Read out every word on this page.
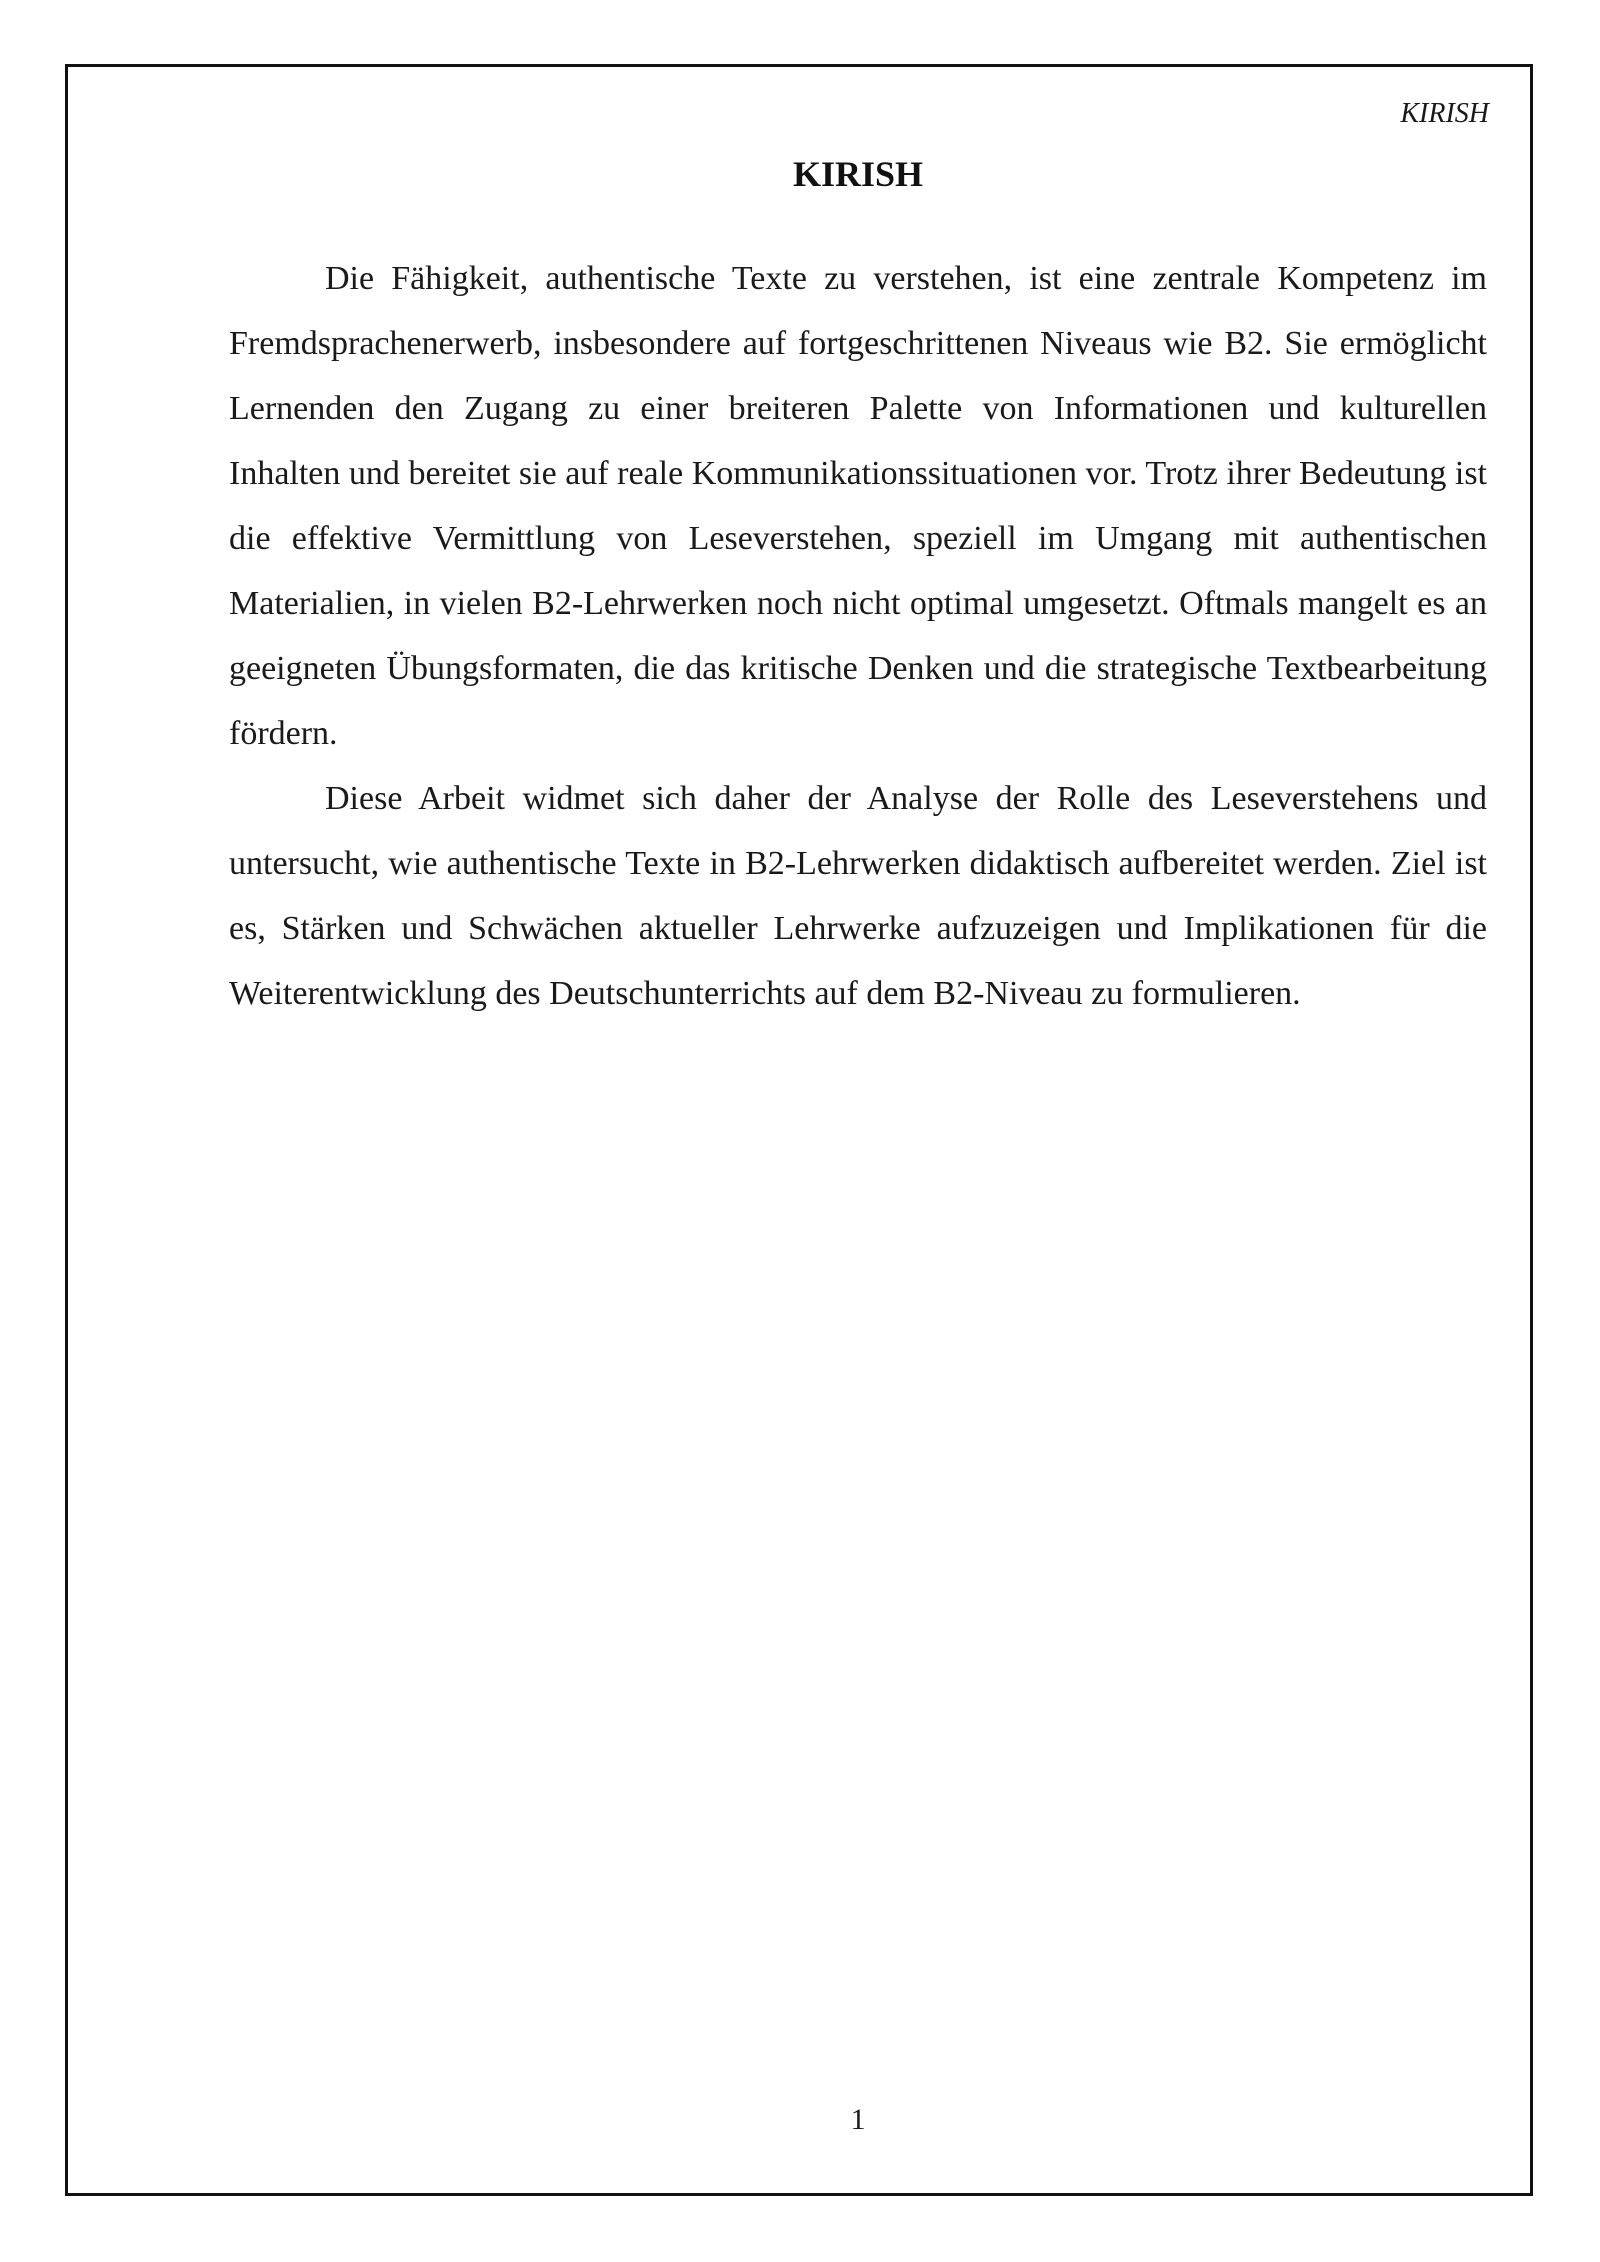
KIRISH
KIRISH

Die Fähigkeit, authentische Texte zu verstehen, ist eine zentrale Kompetenz im Fremdsprachenerwerb, insbesondere auf fortgeschrittenen Niveaus wie B2. Sie ermöglicht Lernenden den Zugang zu einer breiteren Palette von Informationen und kulturellen Inhalten und bereitet sie auf reale Kommunikationssituationen vor. Trotz ihrer Bedeutung ist die effektive Vermittlung von Leseverstehen, speziell im Umgang mit authentischen Materialien, in vielen B2-Lehrwerken noch nicht optimal umgesetzt. Oftmals mangelt es an geeigneten Übungsformaten, die das kritische Denken und die strategische Textbearbeitung fördern.

Diese Arbeit widmet sich daher der Analyse der Rolle des Leseverstehens und untersucht, wie authentische Texte in B2-Lehrwerken didaktisch aufbereitet werden. Ziel ist es, Stärken und Schwächen aktueller Lehrwerke aufzuzeigen und Implikationen für die Weiterentwicklung des Deutschunterrichts auf dem B2-Niveau zu formulieren.

1
